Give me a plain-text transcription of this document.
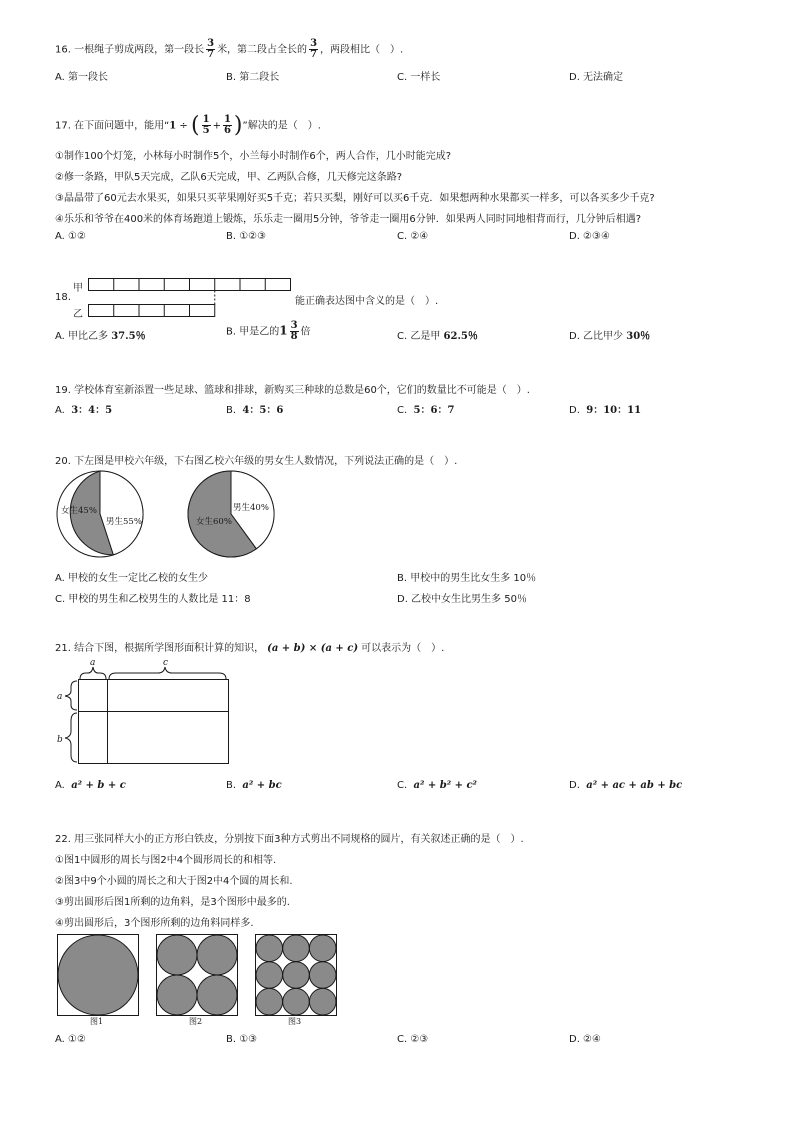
16. 一根绳子剪成两段，第一段长 $\frac{3}{7}$ 米，第二段占全长的 $\frac{3}{7}$ ，两段相比（　）.
A. 第一段长	B. 第二段长	C. 一样长	D. 无法确定
17. 在下面问题中，能用“1 ÷ ( $\frac{1}{5} + \frac{1}{6}$ )”解决的是（　）.
①制作100个灯笼，小林每小时制作5个，小兰每小时制作6个，两人合作，几小时能完成?
②修一条路，甲队5天完成，乙队6天完成，甲、乙两队合修，几天修完这条路?
③晶晶带了60元去水果买，如果只买苹果刚好买5千克；若只买梨，刚好可以买6千克．如果想两种水果都买一样多，可以各买多少千克?
④乐乐和爷爷在400米的体育场跑道上锻炼，乐乐走一圈用5分钟，爷爷走一圈用6分钟．如果两人同时同地相背而行，几分钟后相遇?
A. ①②	B. ①②③	C. ②④	D. ②③④
18.
甲
乙
能正确表达图中含义的是（　）.
A. 甲比乙多 37.5％	B. 甲是乙的$1 \frac{3}{8}$ 倍	C. 乙是甲 62.5％	D. 乙比甲少 30％
19. 学校体育室新添置一些足球、篮球和排球，新购买三种球的总数是60个，它们的数量比不可能是（　）.
A. 3：4：5	B. 4：5：6	C. 5：6：7	D. 9：10：11
20. 下左图是甲校六年级，下右图乙校六年级的男女生人数情况，下列说法正确的是（　）.
女生45%
男生55%	女生60%
男生40%
A. 甲校的女生一定比乙校的女生少	B. 甲校中的男生比女生多 10％
C. 甲校的男生和乙校男生的人数比是 11：8	D. 乙校中女生比男生多 50％
21. 结合下图，根据所学图形面积计算的知识， (a + b) × (a + c) 可以表示为（　）.
a	c
a
b
A. a² + b + c	B. a² + bc	C. a² + b² + c²	D. a² + ac + ab + bc
22. 用三张同样大小的正方形白铁皮，分别按下面3种方式剪出不同规格的圆片，有关叙述正确的是（　）.
①图1中圆形的周长与图2中4个圆形周长的和相等.
②图3中9个小圆的周长之和大于图2中4个圆的周长和.
③剪出圆形后图1所剩的边角料，是3个图形中最多的.
④剪出圆形后，3个图形所剩的边角料同样多.
图1	图2	图3
A. ①②	B. ①③	C. ②③	D. ②④
